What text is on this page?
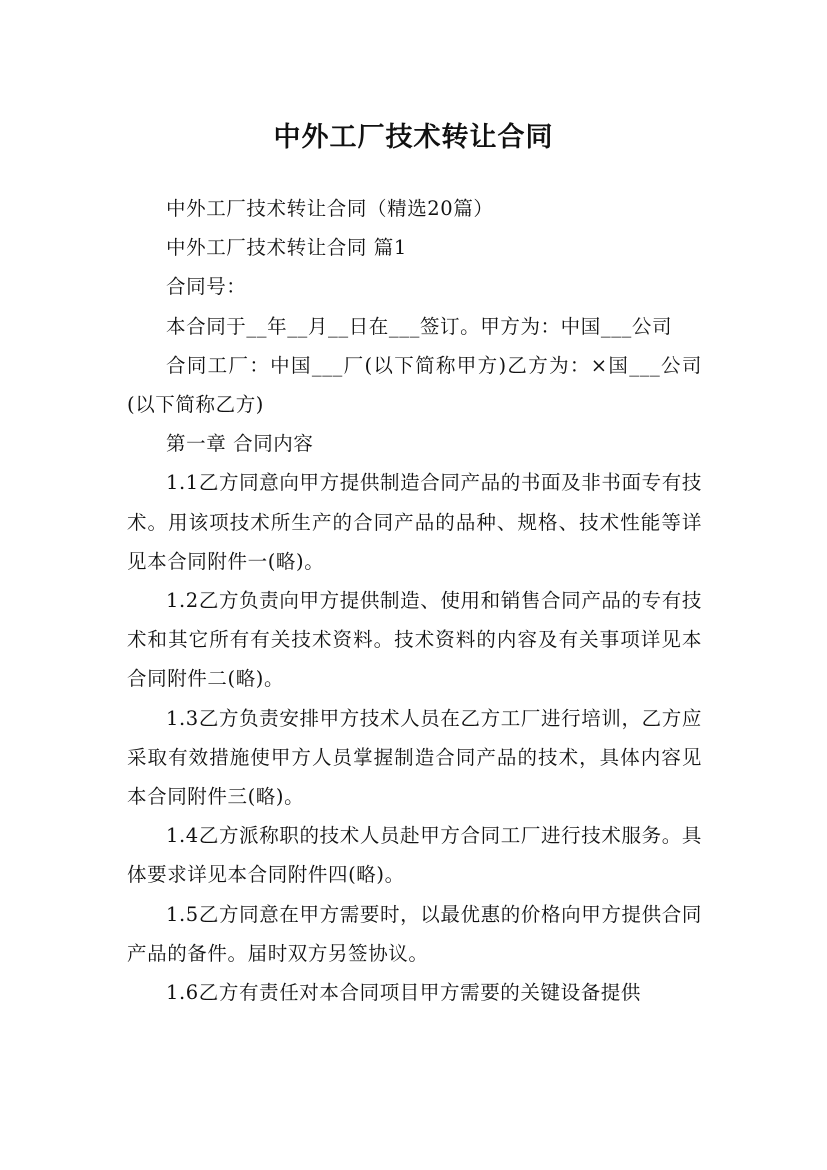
中外工厂技术转让合同

中外工厂技术转让合同（精选20篇）

中外工厂技术转让合同 篇1

合同号：

本合同于__年__月__日在___签订。甲方为：中国___公司

合同工厂：中国___厂(以下简称甲方)乙方为：×国___公司(以下简称乙方)

第一章 合同内容

1.1乙方同意向甲方提供制造合同产品的书面及非书面专有技术。用该项技术所生产的合同产品的品种、规格、技术性能等详见本合同附件一(略)。

1.2乙方负责向甲方提供制造、使用和销售合同产品的专有技术和其它所有有关技术资料。技术资料的内容及有关事项详见本合同附件二(略)。

1.3乙方负责安排甲方技术人员在乙方工厂进行培训，乙方应采取有效措施使甲方人员掌握制造合同产品的技术，具体内容见本合同附件三(略)。

1.4乙方派称职的技术人员赴甲方合同工厂进行技术服务。具体要求详见本合同附件四(略)。

1.5乙方同意在甲方需要时，以最优惠的价格向甲方提供合同产品的备件。届时双方另签协议。

1.6乙方有责任对本合同项目甲方需要的关键设备提供
